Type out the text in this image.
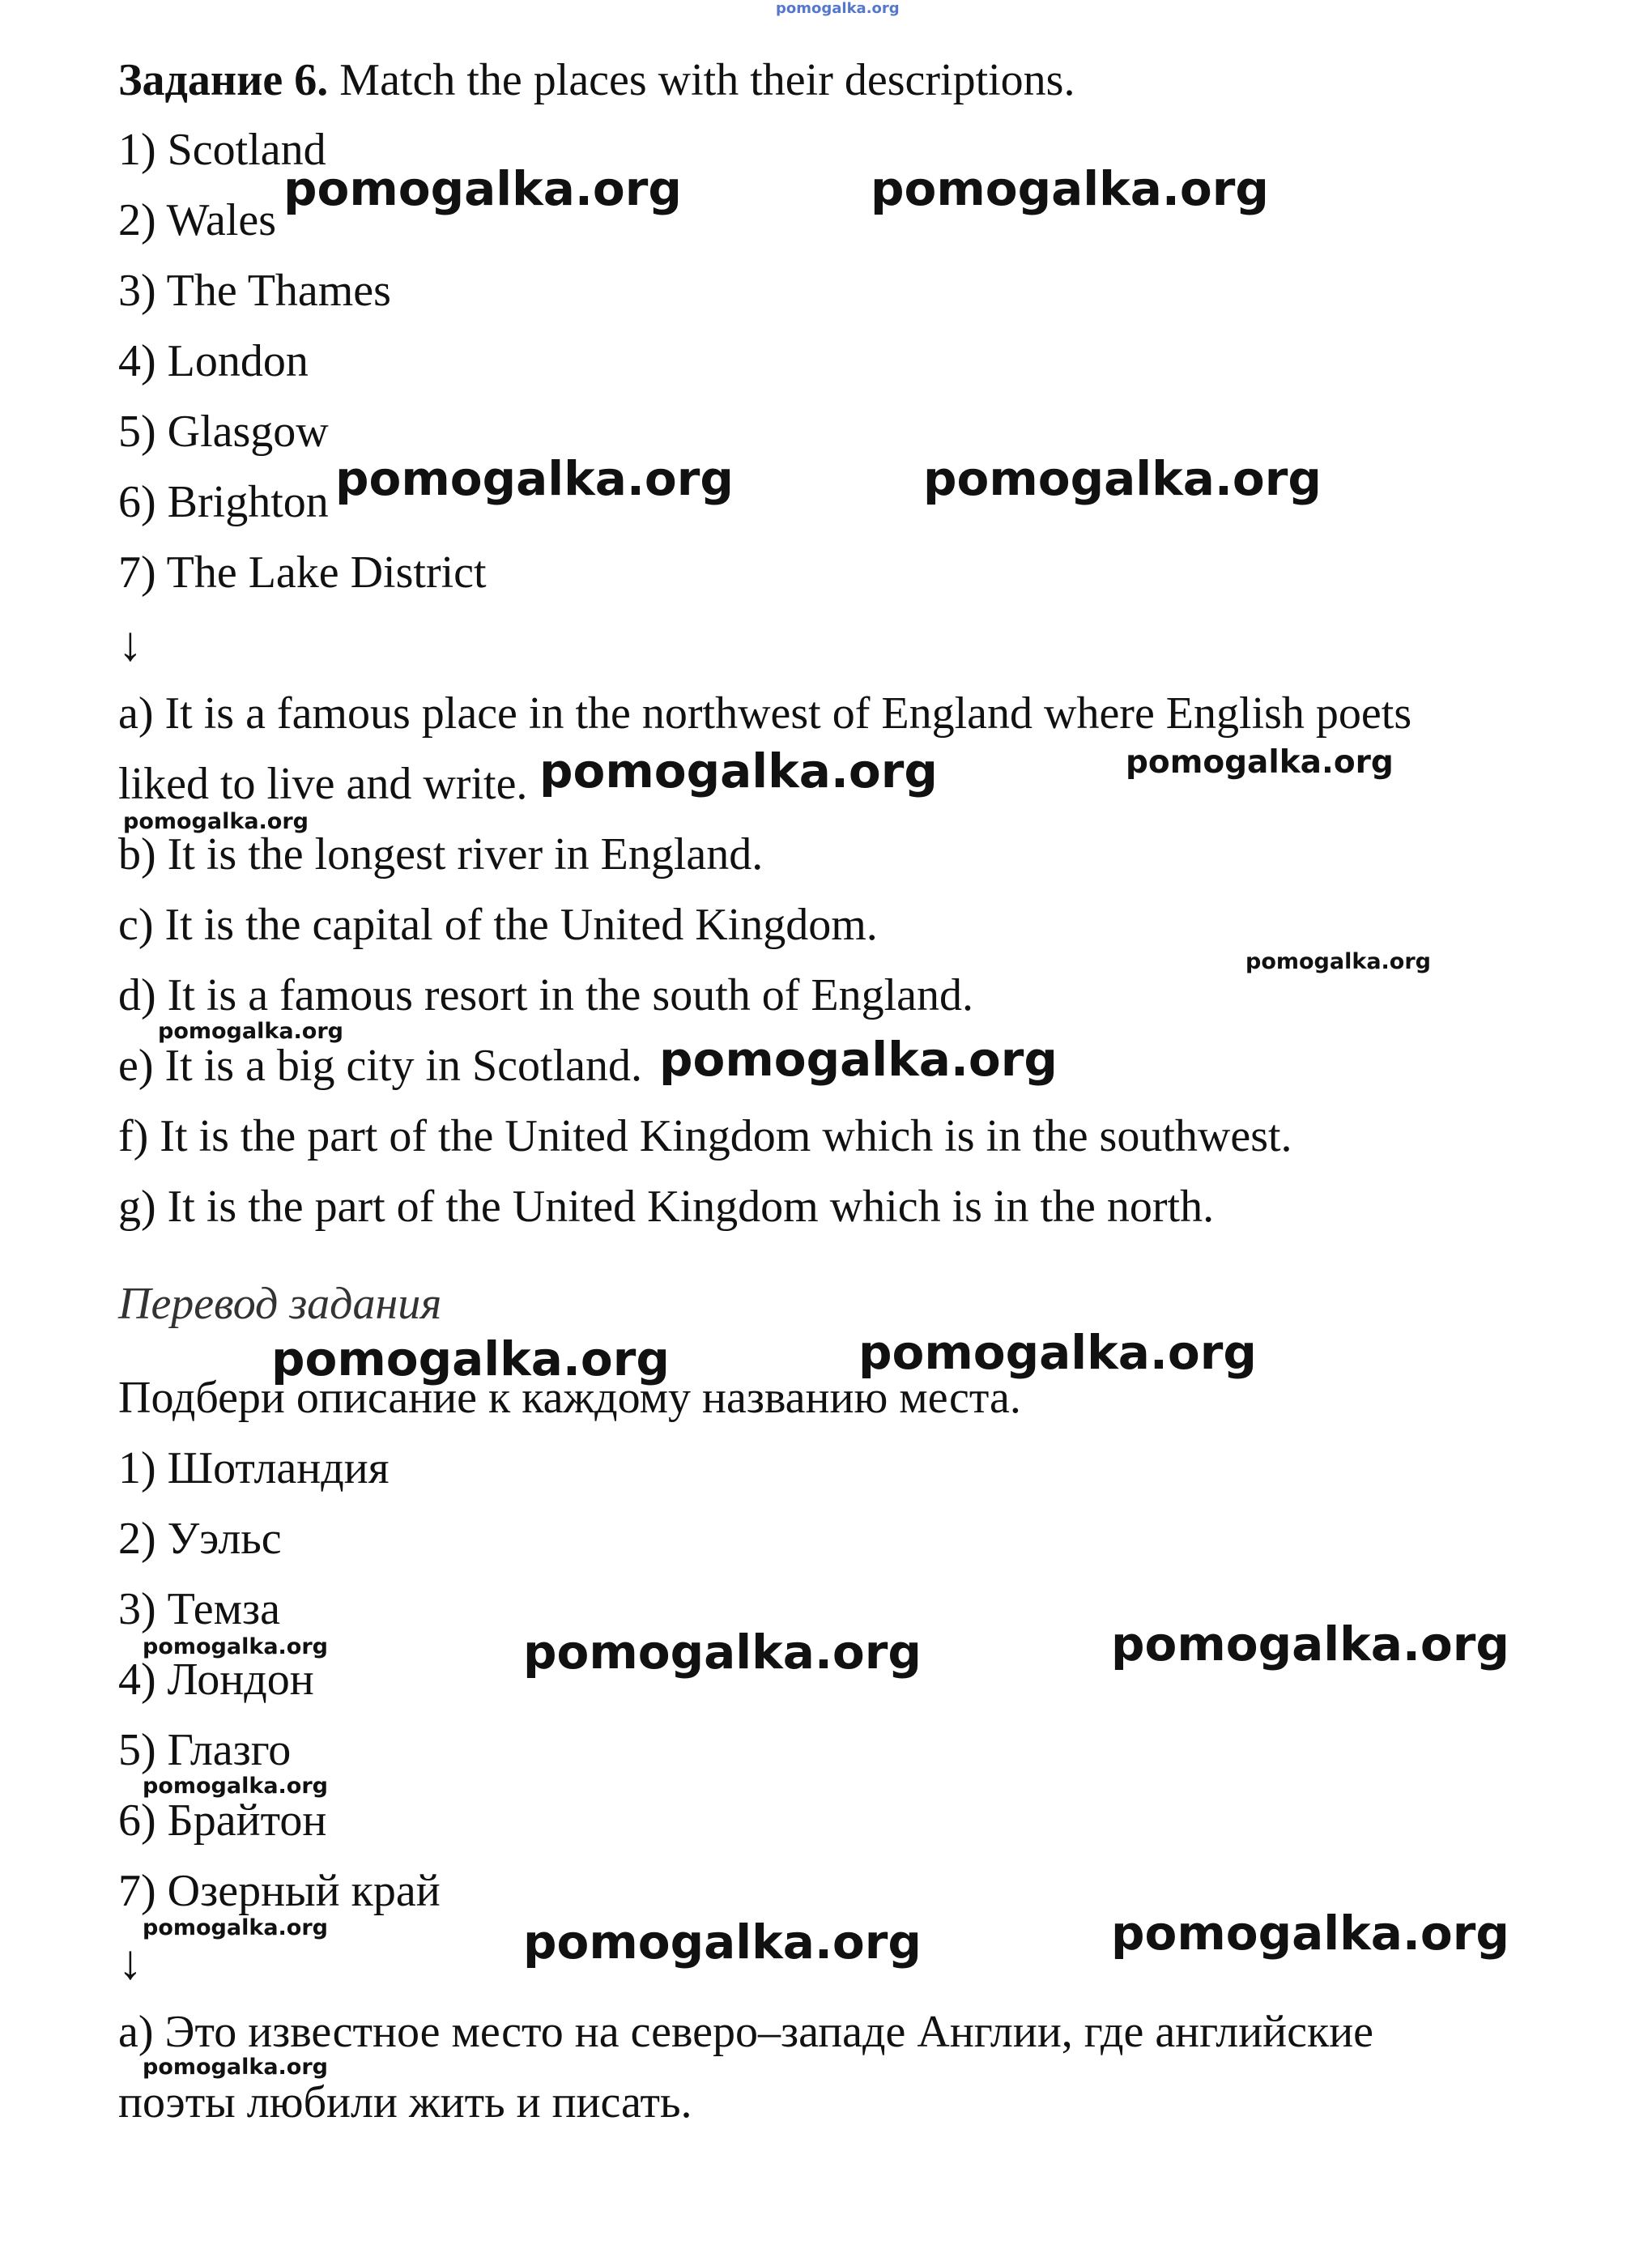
pomogalka.org
Задание 6. Match the places with their descriptions.
1) Scotland
2) Wales
3) The Thames
4) London
5) Glasgow
6) Brighton
7) The Lake District
↓
a) It is a famous place in the northwest of England where English poets
liked to live and write.
b) It is the longest river in England.
c) It is the capital of the United Kingdom.
d) It is a famous resort in the south of England.
e) It is a big city in Scotland.
f) It is the part of the United Kingdom which is in the southwest.
g) It is the part of the United Kingdom which is in the north.
Перевод задания
Подбери описание к каждому названию места.
1) Шотландия
2) Уэльс
3) Темза
4) Лондон
5) Глазго
6) Брайтон
7) Озерный край
↓
a) Это известное место на северо‒западе Англии, где английские
поэты любили жить и писать.
pomogalka.org	pomogalka.org
pomogalka.org	pomogalka.org
pomogalka.org
pomogalka.org
pomogalka.org	pomogalka.org
pomogalka.org	pomogalka.org
pomogalka.org	pomogalka.org
pomogalka.org
pomogalka.org
pomogalka.org
pomogalka.org
pomogalka.org
pomogalka.org
pomogalka.org
pomogalka.org
